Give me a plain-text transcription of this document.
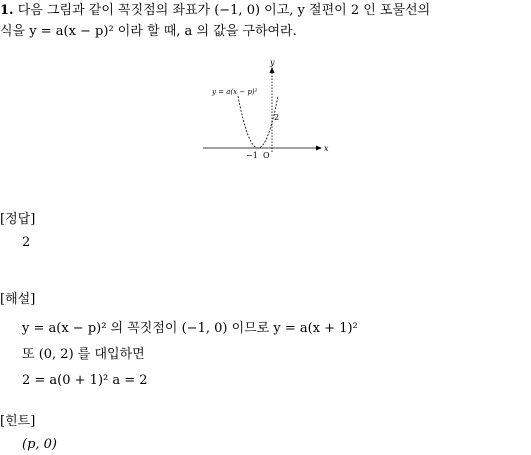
1. 다음 그림과 같이 꼭짓점의 좌표가 (−1, 0) 이고, y 절편이 2 인 포물선의
식을 y = a(x − p)² 이라 할 때, a 의 값을 구하여라.
y
x
y = a(x − p)²
2
−1 O
[정답]
2
[해설]
y = a(x − p)² 의 꼭짓점이 (−1, 0) 이므로 y = a(x + 1)²
또 (0, 2) 를 대입하면
2 = a(0 + 1)² a = 2
[힌트]
(p, 0)
